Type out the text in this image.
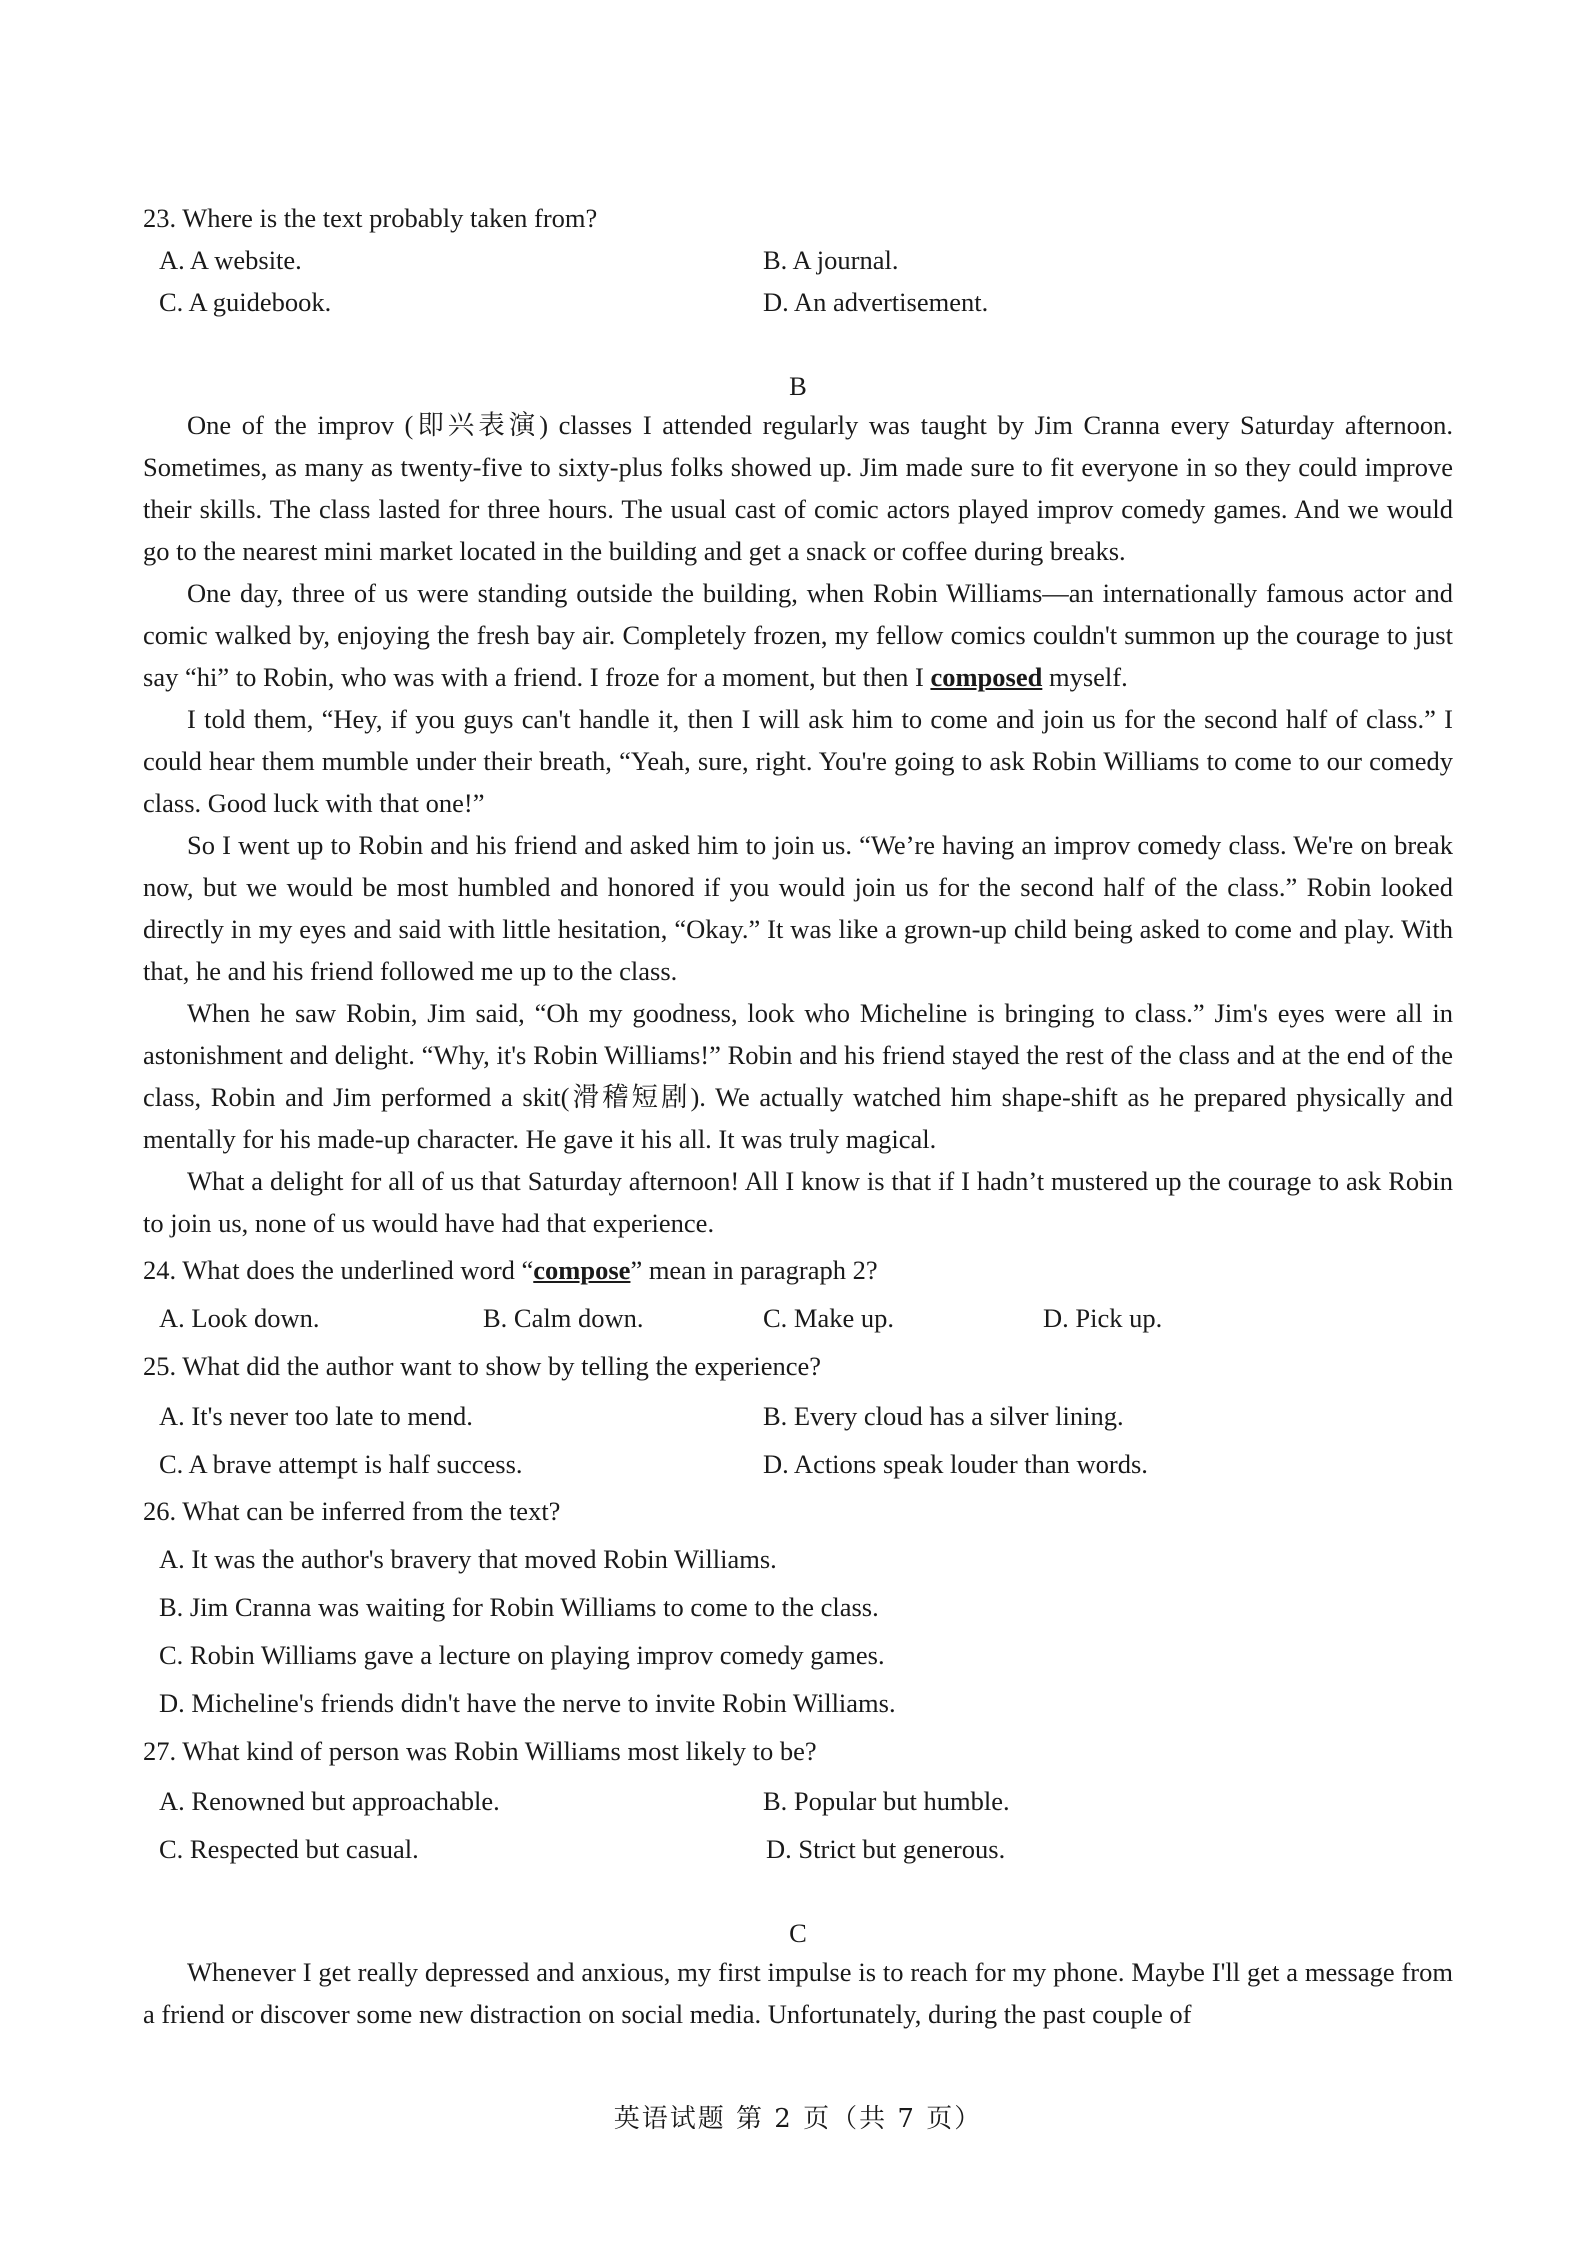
23. Where is the text probably taken from?
A. A website.	B. A journal.
C. A guidebook.	D. An advertisement.
B
One of the improv (即兴表演) classes I attended regularly was taught by Jim Cranna every Saturday afternoon. Sometimes, as many as twenty-five to sixty-plus folks showed up. Jim made sure to fit everyone in so they could improve their skills. The class lasted for three hours. The usual cast of comic actors played improv comedy games. And we would go to the nearest mini market located in the building and get a snack or coffee during breaks.
One day, three of us were standing outside the building, when Robin Williams—an internationally famous actor and comic walked by, enjoying the fresh bay air. Completely frozen, my fellow comics couldn't summon up the courage to just say “hi” to Robin, who was with a friend. I froze for a moment, but then I composed myself.
I told them, “Hey, if you guys can't handle it, then I will ask him to come and join us for the second half of class.” I could hear them mumble under their breath, “Yeah, sure, right. You're going to ask Robin Williams to come to our comedy class. Good luck with that one!”
So I went up to Robin and his friend and asked him to join us. “We’re having an improv comedy class. We're on break now, but we would be most humbled and honored if you would join us for the second half of the class.” Robin looked directly in my eyes and said with little hesitation, “Okay.” It was like a grown-up child being asked to come and play. With that, he and his friend followed me up to the class.
When he saw Robin, Jim said, “Oh my goodness, look who Micheline is bringing to class.” Jim's eyes were all in astonishment and delight. “Why, it's Robin Williams!” Robin and his friend stayed the rest of the class and at the end of the class, Robin and Jim performed a skit(滑稽短剧). We actually watched him shape-shift as he prepared physically and mentally for his made-up character. He gave it his all. It was truly magical.
What a delight for all of us that Saturday afternoon! All I know is that if I hadn’t mustered up the courage to ask Robin to join us, none of us would have had that experience.
24. What does the underlined word “compose” mean in paragraph 2?
A. Look down.	B. Calm down.	C. Make up.	D. Pick up.
25. What did the author want to show by telling the experience?
A. It's never too late to mend.	B. Every cloud has a silver lining.
C. A brave attempt is half success.	D. Actions speak louder than words.
26. What can be inferred from the text?
A. It was the author's bravery that moved Robin Williams.
B. Jim Cranna was waiting for Robin Williams to come to the class.
C. Robin Williams gave a lecture on playing improv comedy games.
D. Micheline's friends didn't have the nerve to invite Robin Williams.
27. What kind of person was Robin Williams most likely to be?
A. Renowned but approachable.	B. Popular but humble.
C. Respected but casual.	D. Strict but generous.
C
Whenever I get really depressed and anxious, my first impulse is to reach for my phone. Maybe I'll get a message from a friend or discover some new distraction on social media. Unfortunately, during the past couple of
英语试题 第 2 页（共 7 页）
